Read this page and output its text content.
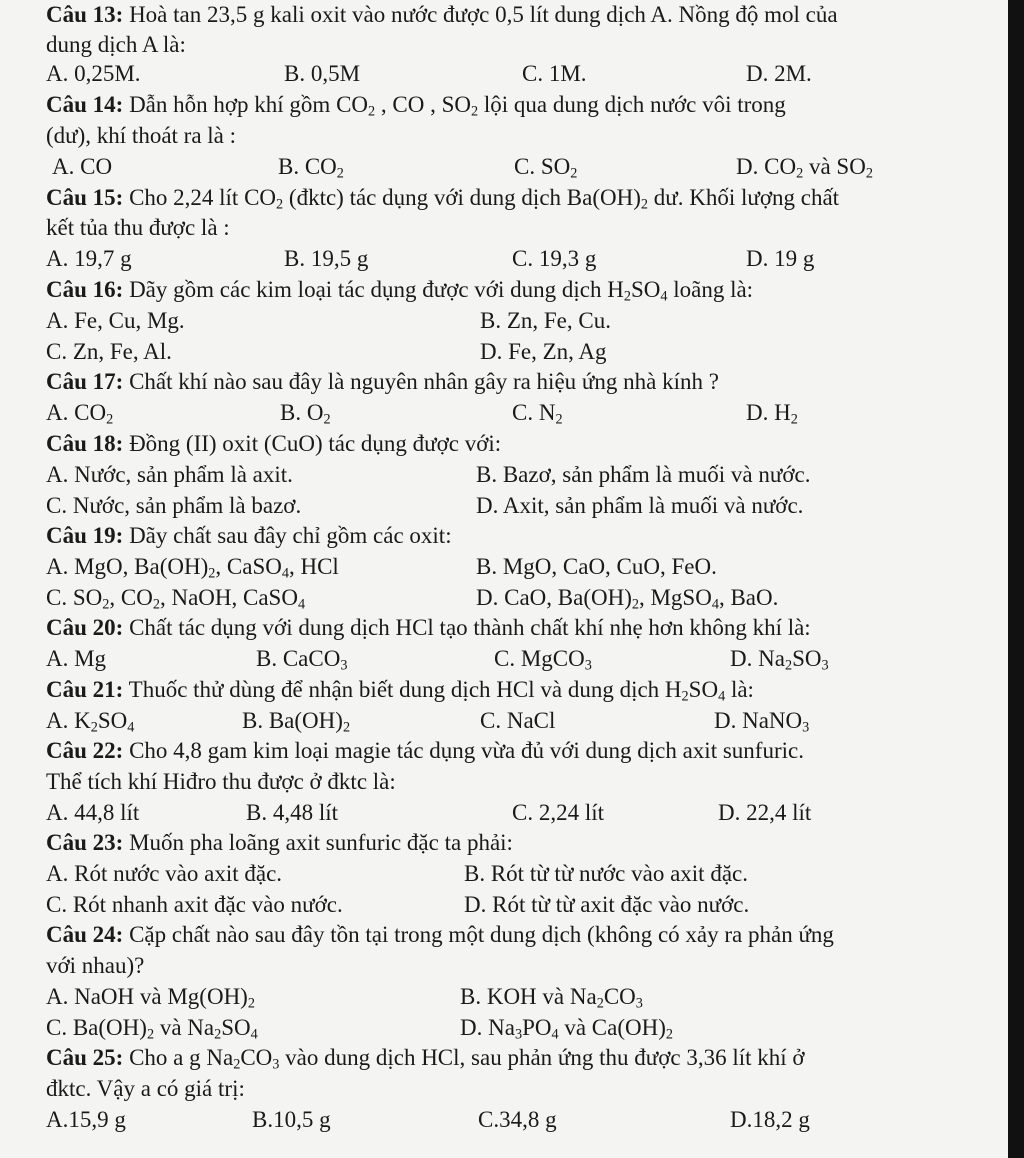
Câu 13: Hoà tan 23,5 g kali oxit vào nước được 0,5 lít dung dịch A. Nồng độ mol của
dung dịch A là:
A. 0,25M.	B. 0,5M	C. 1M.	D. 2M.
Câu 14: Dẫn hỗn hợp khí gồm $CO_2$ , CO , $SO_2$ lội qua dung dịch nước vôi trong
(dư), khí thoát ra là :
A. CO	B. $CO_2$	C. $SO_2$	D. $CO_2$ và $SO_2$
Câu 15: Cho 2,24 lít $CO_2$ (đktc) tác dụng với dung dịch $Ba(OH)_2$ dư. Khối lượng chất
kết tủa thu được là :
A. 19,7 g	B. 19,5 g	C. 19,3 g	D. 19 g
Câu 16: Dãy gồm các kim loại tác dụng được với dung dịch $H_2SO_4$ loãng là:
A. Fe, Cu, Mg.	B. Zn, Fe, Cu.
C. Zn, Fe, Al.	D. Fe, Zn, Ag
Câu 17: Chất khí nào sau đây là nguyên nhân gây ra hiệu ứng nhà kính ?
A. $CO_2$	B. $O_2$	C. $N_2$	D. $H_2$
Câu 18: Đồng (II) oxit (CuO) tác dụng được với:
A. Nước, sản phẩm là axit.	B. Bazơ, sản phẩm là muối và nước.
C. Nước, sản phẩm là bazơ.	D. Axit, sản phẩm là muối và nước.
Câu 19: Dãy chất sau đây chỉ gồm các oxit:
A. MgO, $Ba(OH)_2$, CaSO$_4$, HCl	B. MgO, CaO, CuO, FeO.
C. $SO_2$, $CO_2$, NaOH, CaSO$_4$	D. CaO, $Ba(OH)_2$, MgSO$_4$, BaO.
Câu 20: Chất tác dụng với dung dịch HCl tạo thành chất khí nhẹ hơn không khí là:
A. Mg	B. CaCO$_3$	C. MgCO$_3$	D. $Na_2SO_3$
Câu 21: Thuốc thử dùng để nhận biết dung dịch HCl và dung dịch $H_2SO_4$ là:
A. $K_2SO_4$	B. $Ba(OH)_2$	C. NaCl	D. NaNO$_3$
Câu 22: Cho 4,8 gam kim loại magie tác dụng vừa đủ với dung dịch axit sunfuric.
Thể tích khí Hiđro thu được ở đktc là:
A. 44,8 lít	B. 4,48 lít	C. 2,24 lít	D. 22,4 lít
Câu 23: Muốn pha loãng axit sunfuric đặc ta phải:
A. Rót nước vào axit đặc.	B. Rót từ từ nước vào axit đặc.
C. Rót nhanh axit đặc vào nước.	D. Rót từ từ axit đặc vào nước.
Câu 24: Cặp chất nào sau đây tồn tại trong một dung dịch (không có xảy ra phản ứng
với nhau)?
A. NaOH và $Mg(OH)_2$	B. KOH và $Na_2CO_3$
C. $Ba(OH)_2$ và $Na_2SO_4$	D. $Na_3PO_4$ và $Ca(OH)_2$
Câu 25: Cho a g $Na_2CO_3$ vào dung dịch HCl, sau phản ứng thu được 3,36 lít khí ở
đktc. Vậy a có giá trị:
A.15,9 g	B.10,5 g	C.34,8 g	D.18,2 g
